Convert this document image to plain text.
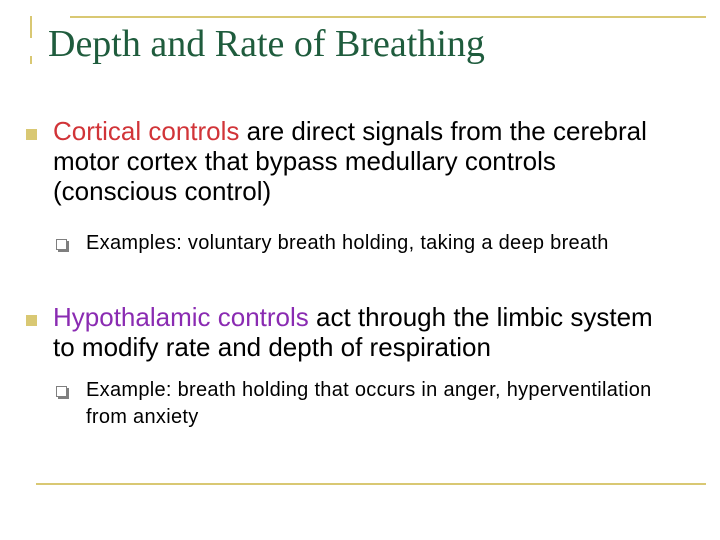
Depth and Rate of Breathing
Cortical controls are direct signals from the cerebral motor cortex that bypass medullary controls (conscious control)
Examples: voluntary breath holding, taking a deep breath
Hypothalamic controls act through the limbic system to modify rate and depth of respiration
Example: breath holding that occurs in anger, hyperventilation from anxiety
